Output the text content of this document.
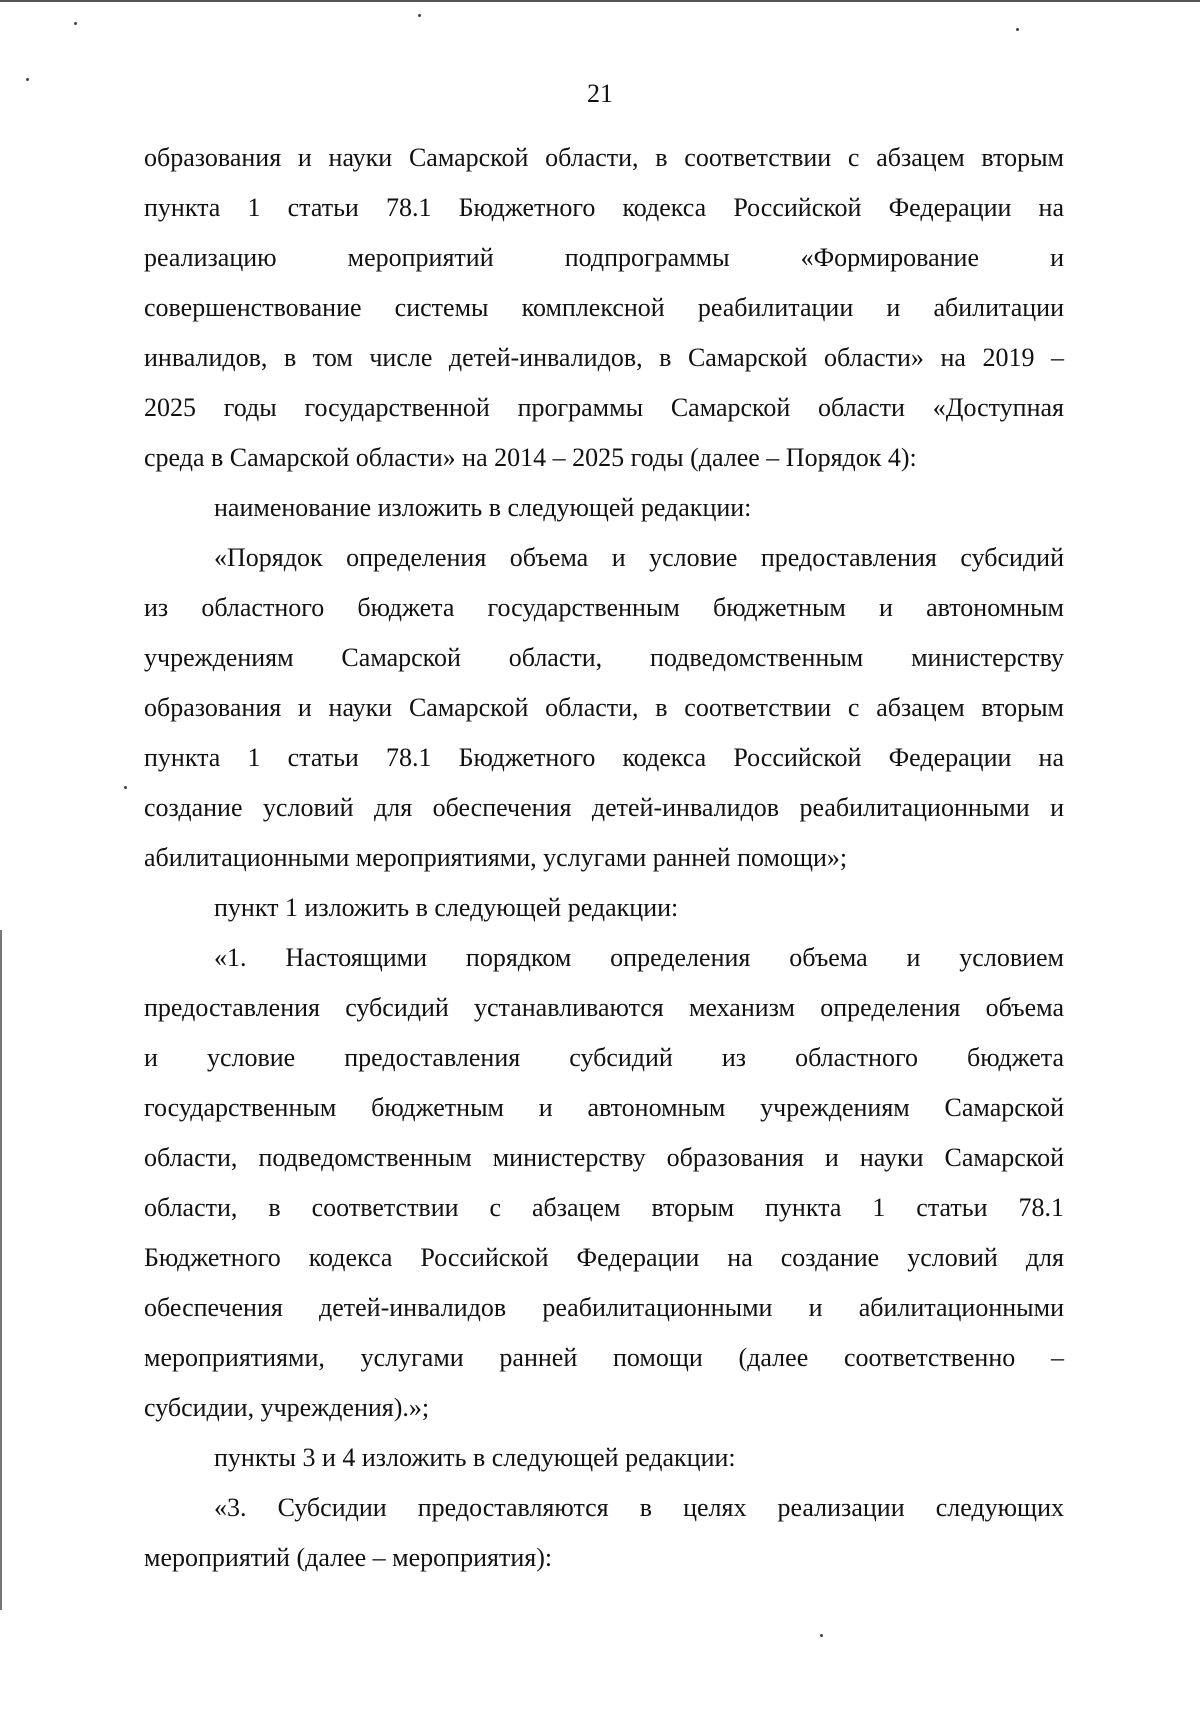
21
образования и науки Самарской области, в соответствии с абзацем вторым
пункта 1 статьи 78.1 Бюджетного кодекса Российской Федерации на
реализацию мероприятий подпрограммы «Формирование и
совершенствование системы комплексной реабилитации и абилитации
инвалидов, в том числе детей-инвалидов, в Самарской области» на 2019 –
2025 годы государственной программы Самарской области «Доступная
среда в Самарской области» на 2014 – 2025 годы (далее – Порядок 4):
наименование изложить в следующей редакции:
«Порядок определения объема и условие предоставления субсидий
из областного бюджета государственным бюджетным и автономным
учреждениям Самарской области, подведомственным министерству
образования и науки Самарской области, в соответствии с абзацем вторым
пункта 1 статьи 78.1 Бюджетного кодекса Российской Федерации на
создание условий для обеспечения детей-инвалидов реабилитационными и
абилитационными мероприятиями, услугами ранней помощи»;
пункт 1 изложить в следующей редакции:
«1. Настоящими порядком определения объема и условием
предоставления субсидий устанавливаются механизм определения объема
и условие предоставления субсидий из областного бюджета
государственным бюджетным и автономным учреждениям Самарской
области, подведомственным министерству образования и науки Самарской
области, в соответствии с абзацем вторым пункта 1 статьи 78.1
Бюджетного кодекса Российской Федерации на создание условий для
обеспечения детей-инвалидов реабилитационными и абилитационными
мероприятиями, услугами ранней помощи (далее соответственно –
субсидии, учреждения).»;
пункты 3 и 4 изложить в следующей редакции:
«3. Субсидии предоставляются в целях реализации следующих
мероприятий (далее – мероприятия):
